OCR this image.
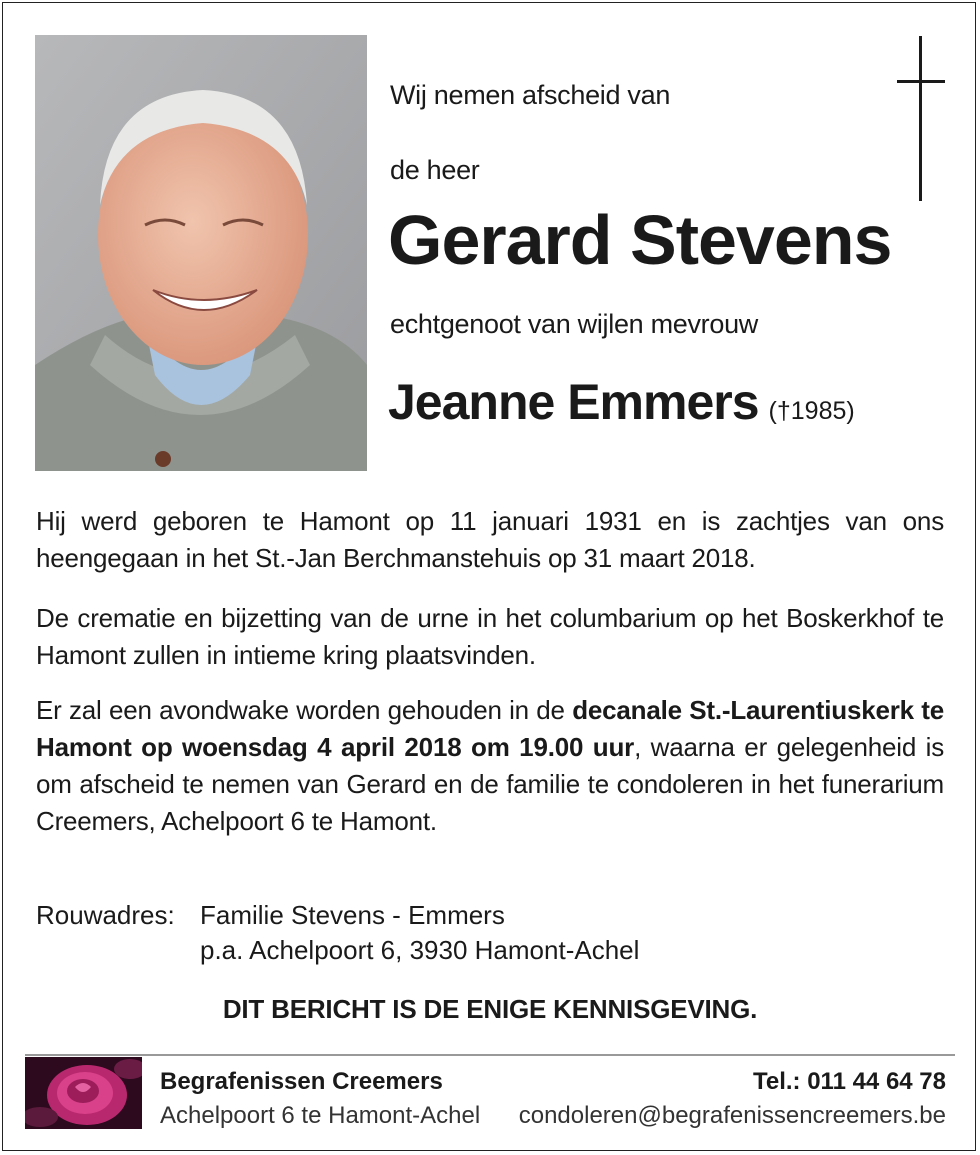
Wij nemen afscheid van
de heer
Gerard Stevens
echtgenoot van wijlen mevrouw
Jeanne Emmers (†1985)
Hij werd geboren te Hamont op 11 januari 1931 en is zachtjes van ons heengegaan in het St.-Jan Berchmanstehuis op 31 maart 2018.
De crematie en bijzetting van de urne in het columbarium op het Boskerkhof te Hamont zullen in intieme kring plaatsvinden.
Er zal een avondwake worden gehouden in de decanale St.-Laurentiuskerk te Hamont op woensdag 4 april 2018 om 19.00 uur, waarna er gelegenheid is om afscheid te nemen van Gerard en de familie te condoleren in het funerarium Creemers, Achelpoort 6 te Hamont.
Rouwadres: Familie Stevens - Emmers
p.a. Achelpoort 6, 3930 Hamont-Achel
DIT BERICHT IS DE ENIGE KENNISGEVING.
Begrafenissen Creemers
Achelpoort 6 te Hamont-Achel
Tel.: 011 44 64 78
condoleren@begrafenissencreemers.be
